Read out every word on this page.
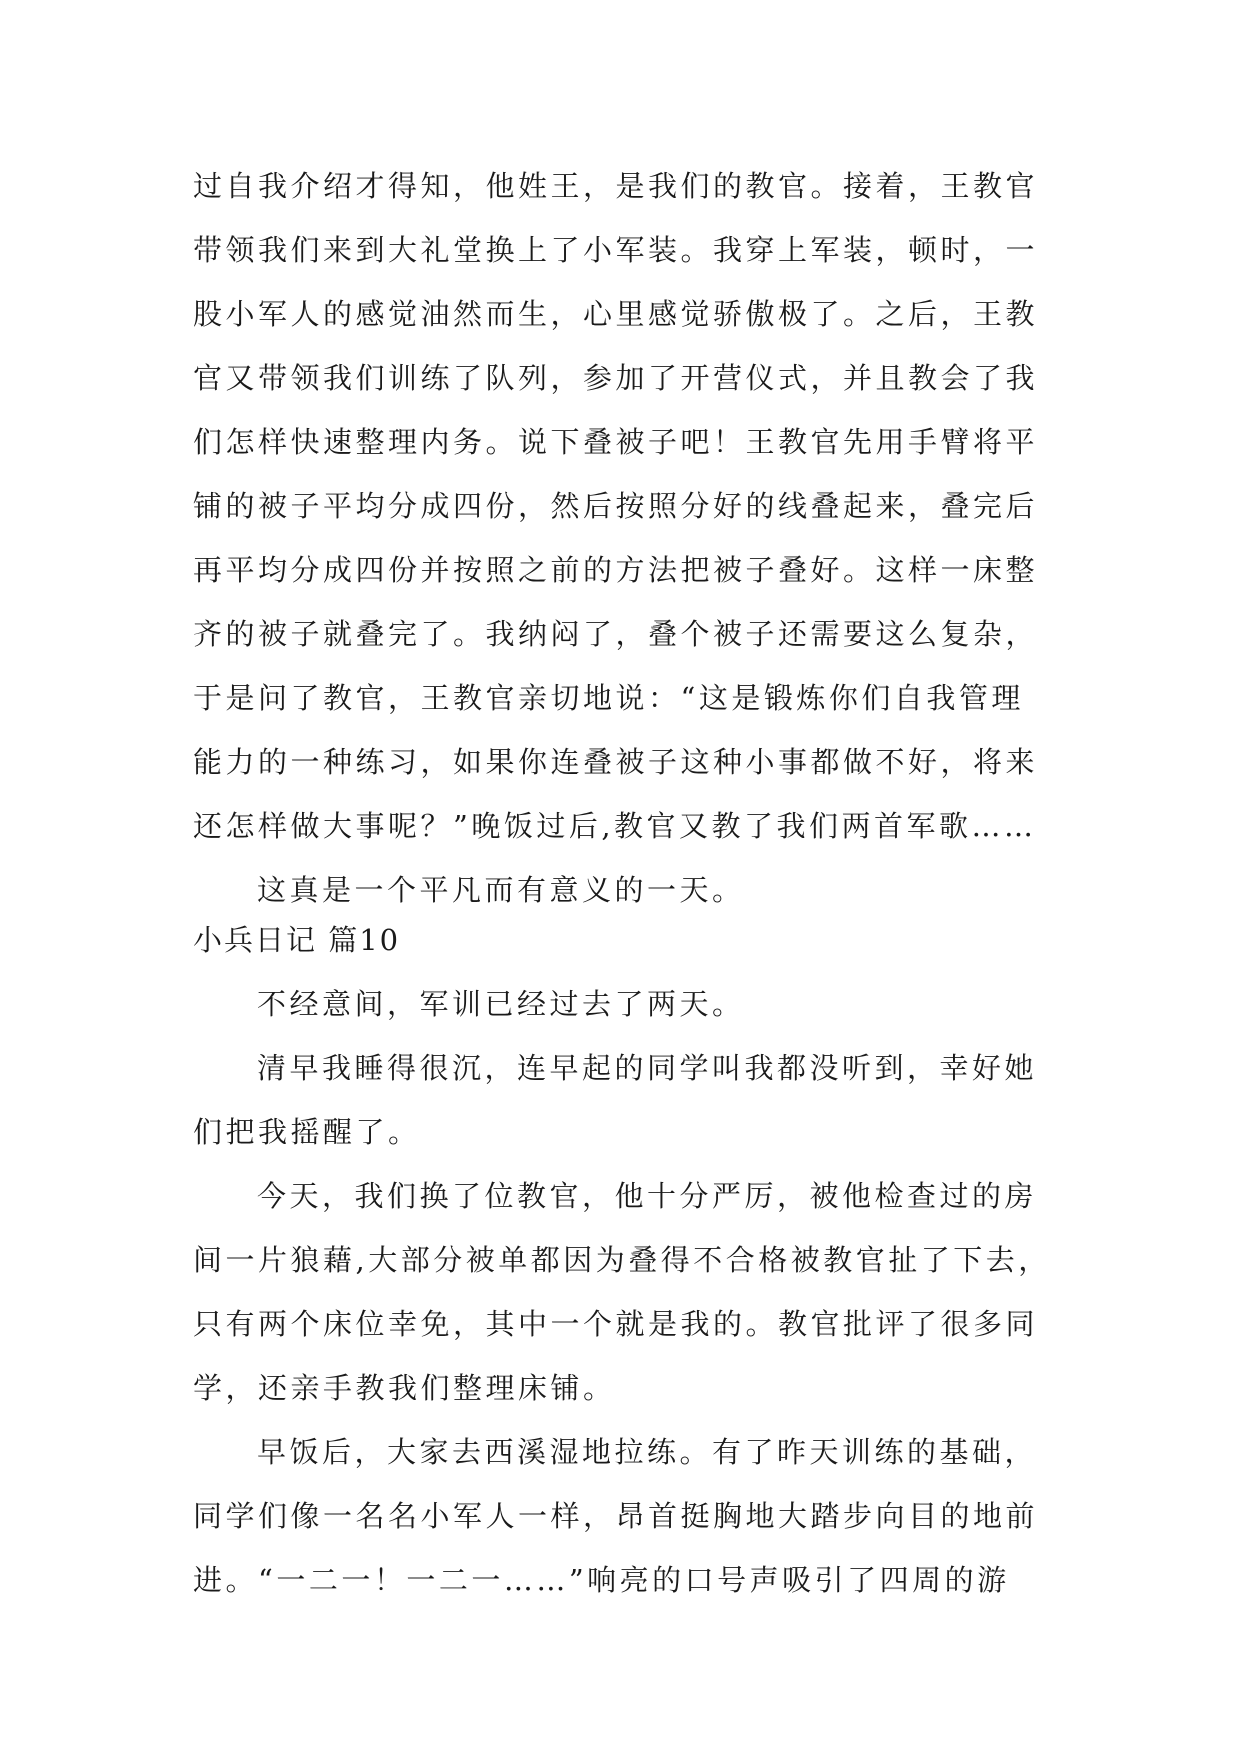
过自我介绍才得知，他姓王，是我们的教官。接着，王教官
带领我们来到大礼堂换上了小军装。我穿上军装，顿时，一
股小军人的感觉油然而生，心里感觉骄傲极了。之后，王教
官又带领我们训练了队列，参加了开营仪式，并且教会了我
们怎样快速整理内务。说下叠被子吧！王教官先用手臂将平
铺的被子平均分成四份，然后按照分好的线叠起来，叠完后
再平均分成四份并按照之前的方法把被子叠好。这样一床整
齐的被子就叠完了。我纳闷了，叠个被子还需要这么复杂，
于是问了教官，王教官亲切地说：“这是锻炼你们自我管理
能力的一种练习，如果你连叠被子这种小事都做不好，将来
还怎样做大事呢？”晚饭过后,教官又教了我们两首军歌……
这真是一个平凡而有意义的一天。
小兵日记 篇10
不经意间，军训已经过去了两天。
清早我睡得很沉，连早起的同学叫我都没听到，幸好她
们把我摇醒了。
今天，我们换了位教官，他十分严厉，被他检查过的房
间一片狼藉,大部分被单都因为叠得不合格被教官扯了下去，
只有两个床位幸免，其中一个就是我的。教官批评了很多同
学，还亲手教我们整理床铺。
早饭后，大家去西溪湿地拉练。有了昨天训练的基础，
同学们像一名名小军人一样，昂首挺胸地大踏步向目的地前
进。“一二一！一二一……”响亮的口号声吸引了四周的游
